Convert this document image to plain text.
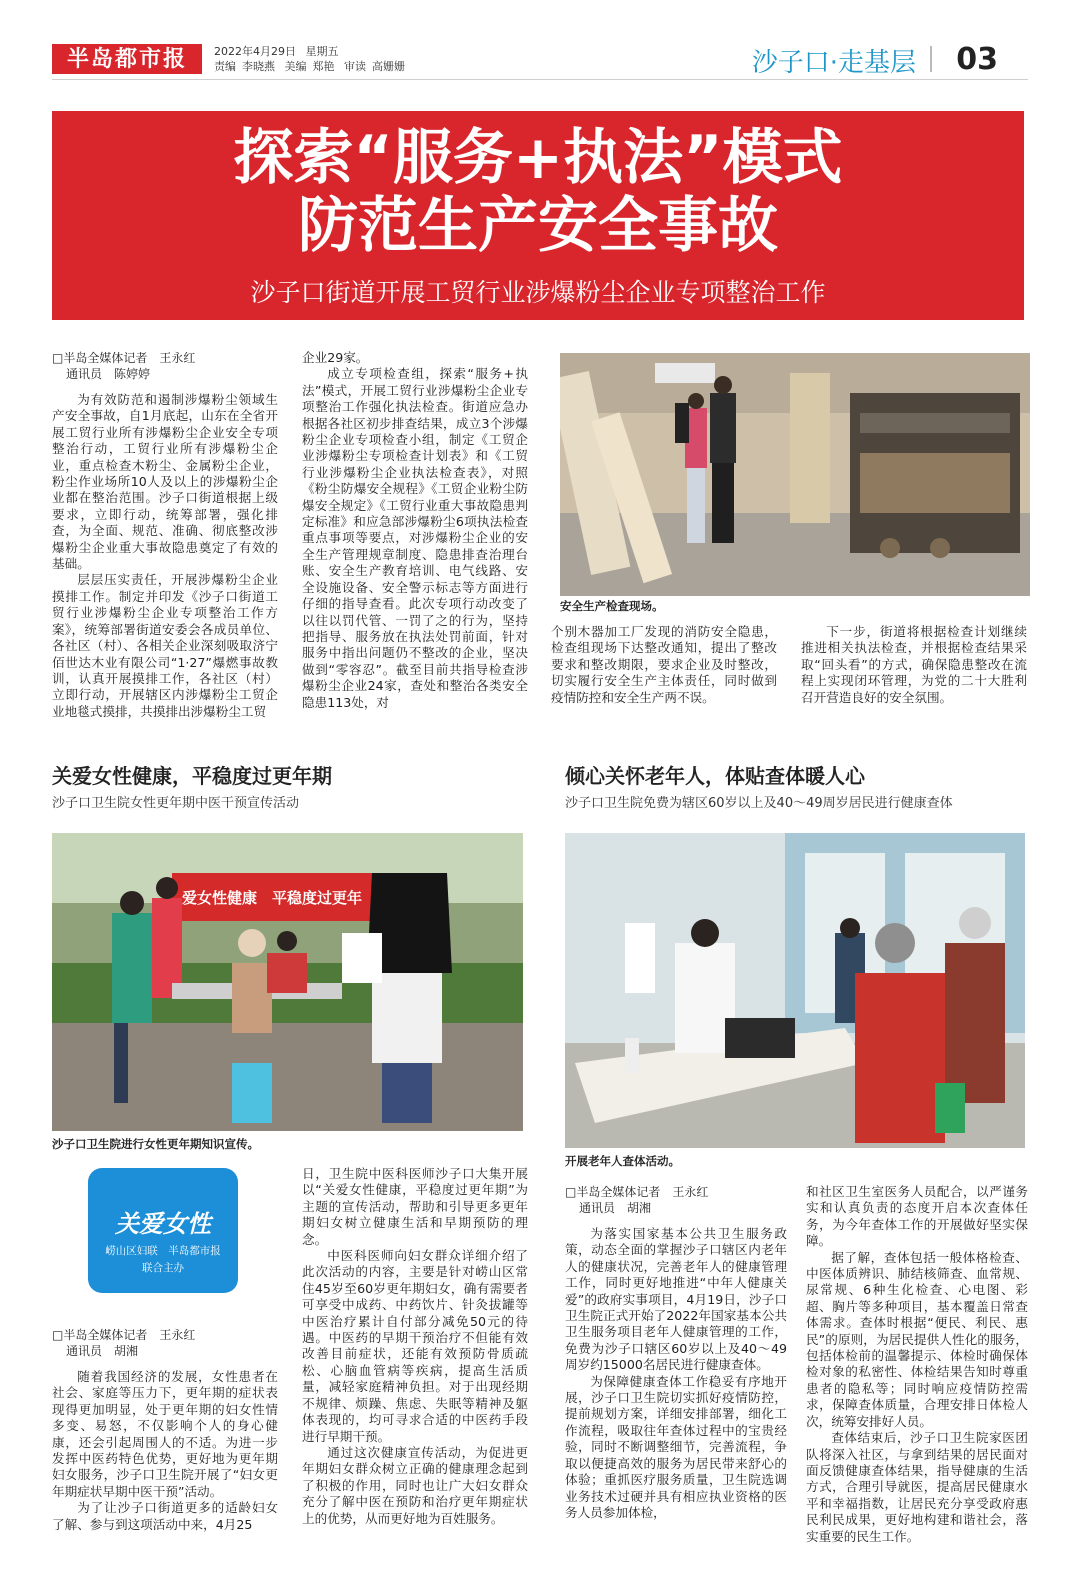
半岛都市报	2022年4月29日 星期五
责编 李晓燕 美编 郑艳 审读 高姗姗	沙子口·走基层 03
探索“服务+执法”模式
防范生产安全事故
沙子口街道开展工贸行业涉爆粉尘企业专项整治工作
□半岛全媒体记者　王永红
通讯员　陈婷婷

为有效防范和遏制涉爆粉尘领域生产安全事故，自1月底起，山东在全省开展工贸行业所有涉爆粉尘企业安全专项整治行动，工贸行业所有涉爆粉尘企业，重点检查木粉尘、金属粉尘企业，粉尘作业场所10人及以上的涉爆粉尘企业都在整治范围。沙子口街道根据上级要求，立即行动，统筹部署，强化排查，为全面、规范、准确、彻底整改涉爆粉尘企业重大事故隐患奠定了有效的基础。

层层压实责任，开展涉爆粉尘企业摸排工作。制定并印发《沙子口街道工贸行业涉爆粉尘企业专项整治工作方案》，统筹部署街道安委会各成员单位、各社区（村）、各相关企业深刻吸取济宁佰世达木业有限公司“1·27”爆燃事故教训，认真开展摸排工作，各社区（村）立即行动，开展辖区内涉爆粉尘工贸企业地毯式摸排，共摸排出涉爆粉尘工贸

企业29家。

成立专项检查组，探索“服务+执法”模式，开展工贸行业涉爆粉尘企业专项整治工作强化执法检查。街道应急办根据各社区初步排查结果，成立3个涉爆粉尘企业专项检查小组，制定《工贸企业涉爆粉尘专项检查计划表》和《工贸行业涉爆粉尘企业执法检查表》，对照《粉尘防爆安全规程》《工贸企业粉尘防爆安全规定》《工贸行业重大事故隐患判定标准》和应急部涉爆粉尘6项执法检查重点事项等要点，对涉爆粉尘企业的安全生产管理规章制度、隐患排查治理台账、安全生产教育培训、电气线路、安全设施设备、安全警示标志等方面进行仔细的指导查看。此次专项行动改变了以往以罚代管、一罚了之的行为，坚持把指导、服务放在执法处罚前面，针对服务中指出问题仍不整改的企业，坚决做到“零容忍”。截至目前共指导检查涉爆粉尘企业24家，查处和整治各类安全隐患113处，对

安全生产检查现场。

个别木器加工厂发现的消防安全隐患，检查组现场下达整改通知，提出了整改要求和整改期限，要求企业及时整改，切实履行安全生产主体责任，同时做到疫情防控和安全生产两不误。

下一步，街道将根据检查计划继续推进相关执法检查，并根据检查结果采取“回头看”的方式，确保隐患整改在流程上实现闭环管理，为党的二十大胜利召开营造良好的安全氛围。

关爱女性健康，平稳度过更年期
沙子口卫生院女性更年期中医干预宣传活动
爱女性健康　平稳度过更年
沙子口卫生院进行女性更年期知识宣传。
关爱女性
崂山区妇联　半岛都市报
联合主办
□半岛全媒体记者　王永红
通讯员　胡湘

随着我国经济的发展，女性患者在社会、家庭等压力下，更年期的症状表现得更加明显，处于更年期的妇女性情多变、易怒，不仅影响个人的身心健康，还会引起周围人的不适。为进一步发挥中医药特色优势，更好地为更年期妇女服务，沙子口卫生院开展了“妇女更年期症状早期中医干预”活动。

为了让沙子口街道更多的适龄妇女了解、参与到这项活动中来，4月25

日，卫生院中医科医师沙子口大集开展以“关爱女性健康，平稳度过更年期”为主题的宣传活动，帮助和引导更多更年期妇女树立健康生活和早期预防的理念。

中医科医师向妇女群众详细介绍了此次活动的内容，主要是针对崂山区常住45岁至60岁更年期妇女，确有需要者可享受中成药、中药饮片、针灸拔罐等中医治疗累计自付部分减免50元的待遇。中医药的早期干预治疗不但能有效改善目前症状，还能有效预防骨质疏松、心脑血管病等疾病，提高生活质量，减轻家庭精神负担。对于出现经期不规律、烦躁、焦虑、失眠等精神及躯体表现的，均可寻求合适的中医药手段进行早期干预。

通过这次健康宣传活动，为促进更年期妇女群众树立正确的健康理念起到了积极的作用，同时也让广大妇女群众充分了解中医在预防和治疗更年期症状上的优势，从而更好地为百姓服务。

倾心关怀老年人，体贴查体暖人心
沙子口卫生院免费为辖区60岁以上及40～49周岁居民进行健康查体
开展老年人查体活动。
□半岛全媒体记者　王永红
通讯员　胡湘

为落实国家基本公共卫生服务政策，动态全面的掌握沙子口辖区内老年人的健康状况，完善老年人的健康管理工作，同时更好地推进“中年人健康关爱”的政府实事项目，4月19日，沙子口卫生院正式开始了2022年国家基本公共卫生服务项目老年人健康管理的工作，免费为沙子口辖区60岁以上及40～49周岁约15000名居民进行健康查体。

为保障健康查体工作稳妥有序地开展，沙子口卫生院切实抓好疫情防控，提前规划方案，详细安排部署，细化工作流程，吸取往年查体过程中的宝贵经验，同时不断调整细节，完善流程，争取以便捷高效的服务为居民带来舒心的体验；重抓医疗服务质量，卫生院选调业务技术过硬并具有相应执业资格的医务人员参加体检，

和社区卫生室医务人员配合，以严谨务实和认真负责的态度开启本次查体任务，为今年查体工作的开展做好坚实保障。

据了解，查体包括一般体格检查、中医体质辨识、肺结核筛查、血常规、尿常规、6种生化检查、心电图、彩超、胸片等多种项目，基本覆盖日常查体需求。查体时根据“便民、利民、惠民”的原则，为居民提供人性化的服务，包括体检前的温馨提示、体检时确保体检对象的私密性、体检结果告知时尊重患者的隐私等；同时响应疫情防控需求，保障查体质量，合理安排日体检人次，统筹安排好人员。

查体结束后，沙子口卫生院家医团队将深入社区，与拿到结果的居民面对面反馈健康查体结果，指导健康的生活方式，合理引导就医，提高居民健康水平和幸福指数，让居民充分享受政府惠民利民成果，更好地构建和谐社会，落实重要的民生工作。
